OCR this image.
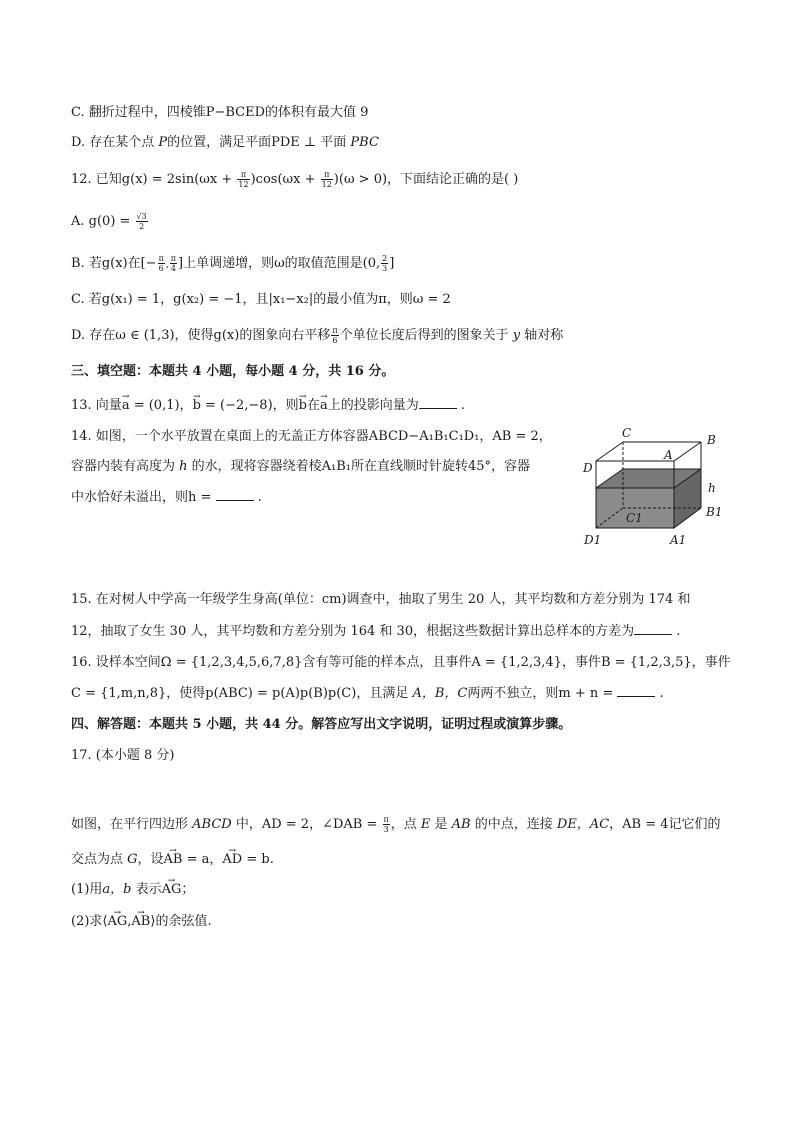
C. 翻折过程中，四棱锥P−BCED的体积有最大值 9
D. 存在某个点 P的位置，满足平面PDE ⊥ 平面 PBC
12. 已知$g(x) = 2\sin(\omega x + \frac{\pi}{12} )\cos(\omega x + \frac{\pi}{12} )(\omega > 0)$，下面结论正确的是( )
A. $g(0) = \frac{√3}{2}$
B. 若g(x)在[− $\frac{\pi}{6}$ , $\frac{\pi}{4}$ ]上单调递增，则ω的取值范围是(0, $\frac{2}{3}$ ]
C. 若g(x₁) = 1，g(x₂) = −1，且|x₁−x₂|的最小值为π，则ω = 2
D. 存在ω ∈ (1,3)，使得g(x)的图象向右平移 $\frac{\pi}{6}$ 个单位长度后得到的图象关于 y 轴对称
三、填空题：本题共 4 小题，每小题 4 分，共 16 分。
13. 向量→ a = (0,1)，→ b = (−2,−8)，则→ b在→ a上的投影向量为	.
14. 如图，一个水平放置在桌面上的无盖正方体容器ABCD−A₁B₁C₁D₁，AB = 2，
容器内装有高度为 h 的水，现将容器绕着棱A₁B₁所在直线顺时针旋转45°，容器
中水恰好未溢出，则h =	.
C	B
A
D
h
B1
C1
D1	A1
15. 在对树人中学高一年级学生身高(单位：cm)调查中，抽取了男生 20 人，其平均数和方差分别为 174 和
12，抽取了女生 30 人，其平均数和方差分别为 164 和 30，根据这些数据计算出总样本的方差为	.
16. 设样本空间Ω = {1,2,3,4,5,6,7,8}含有等可能的样本点，且事件A = {1,2,3,4}，事件B = {1,2,3,5}，事件
C = {1,m,n,8}，使得p(ABC) = p(A)p(B)p(C)，且满足 A，B，C两两不独立，则m + n =	.
四、解答题：本题共 5 小题，共 44 分。解答应写出文字说明，证明过程或演算步骤。
17. (本小题 8 分)
如图，在平行四边形 ABCD 中，AD = 2，∠DAB = $\frac{\pi}{3}$ ，点 E 是 AB 的中点，连接 DE，AC，AB = 4记它们的
交点为点 G，设→ AB = a，→ AD = b.
(1)用a，b 表示→ AG；
(2)求⟨→ AG,→ AB⟩的余弦值.
